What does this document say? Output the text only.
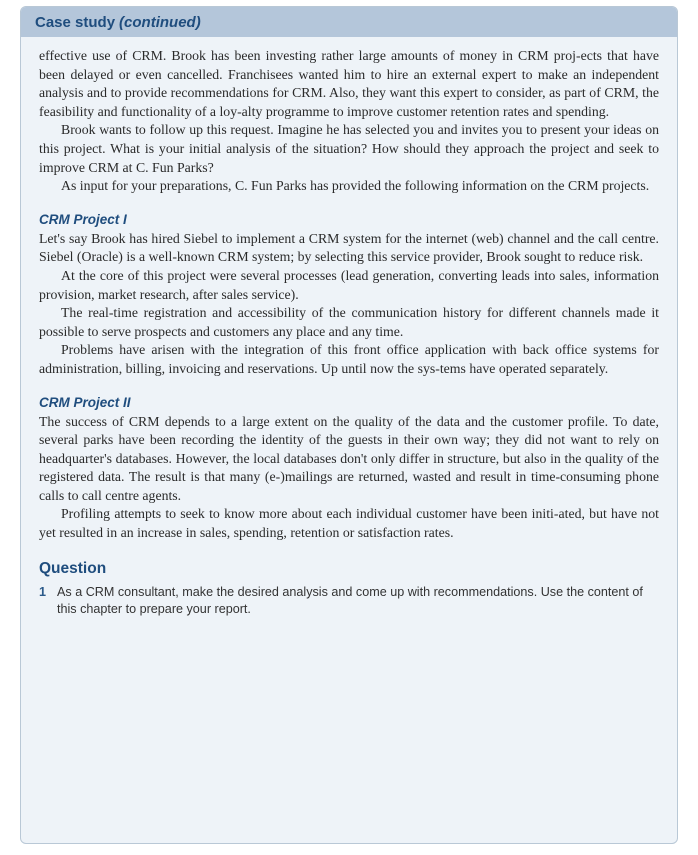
Case study (continued)

effective use of CRM. Brook has been investing rather large amounts of money in CRM proj-ects that have been delayed or even cancelled. Franchisees wanted him to hire an external expert to make an independent analysis and to provide recommendations for CRM. Also, they want this expert to consider, as part of CRM, the feasibility and functionality of a loy-alty programme to improve customer retention rates and spending.

Brook wants to follow up this request. Imagine he has selected you and invites you to present your ideas on this project. What is your initial analysis of the situation? How should they approach the project and seek to improve CRM at C. Fun Parks?

As input for your preparations, C. Fun Parks has provided the following information on the CRM projects.

CRM Project I

Let's say Brook has hired Siebel to implement a CRM system for the internet (web) channel and the call centre. Siebel (Oracle) is a well-known CRM system; by selecting this service provider, Brook sought to reduce risk.

At the core of this project were several processes (lead generation, converting leads into sales, information provision, market research, after sales service).

The real-time registration and accessibility of the communication history for different channels made it possible to serve prospects and customers any place and any time.

Problems have arisen with the integration of this front office application with back office systems for administration, billing, invoicing and reservations. Up until now the sys-tems have operated separately.

CRM Project II

The success of CRM depends to a large extent on the quality of the data and the customer profile. To date, several parks have been recording the identity of the guests in their own way; they did not want to rely on headquarter's databases. However, the local databases don't only differ in structure, but also in the quality of the registered data. The result is that many (e-)mailings are returned, wasted and result in time-consuming phone calls to call centre agents.

Profiling attempts to seek to know more about each individual customer have been initi-ated, but have not yet resulted in an increase in sales, spending, retention or satisfaction rates.

Question
1 As a CRM consultant, make the desired analysis and come up with recommendations. Use the content of this chapter to prepare your report.
